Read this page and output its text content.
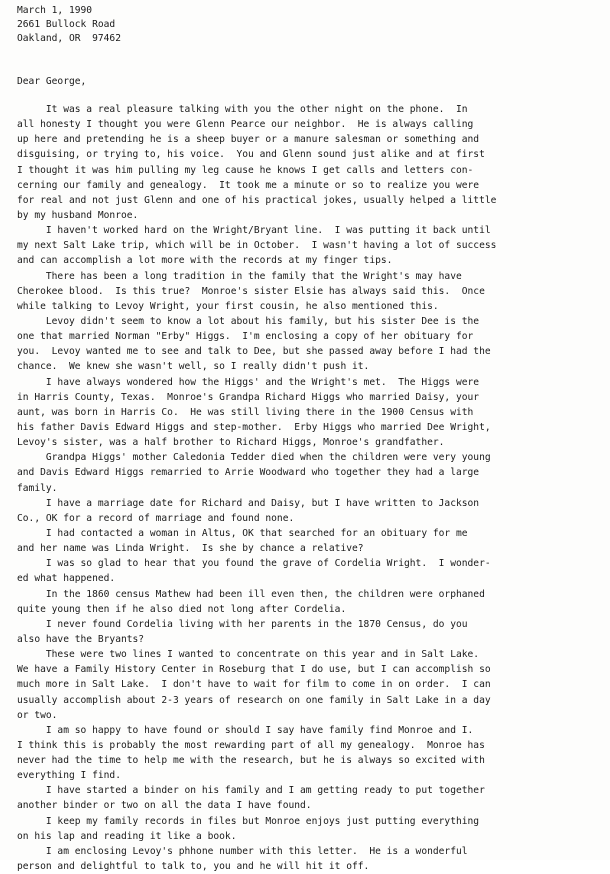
March 1, 1990
2661 Bullock Road
Oakland, OR  97462
Dear George,
It was a real pleasure talking with you the other night on the phone.  In
all honesty I thought you were Glenn Pearce our neighbor.  He is always calling
up here and pretending he is a sheep buyer or a manure salesman or something and
disguising, or trying to, his voice.  You and Glenn sound just alike and at first
I thought it was him pulling my leg cause he knows I get calls and letters con-
cerning our family and genealogy.  It took me a minute or so to realize you were
for real and not just Glenn and one of his practical jokes, usually helped a little
by my husband Monroe.
I haven't worked hard on the Wright/Bryant line.  I was putting it back until
my next Salt Lake trip, which will be in October.  I wasn't having a lot of success
and can accomplish a lot more with the records at my finger tips.
There has been a long tradition in the family that the Wright's may have
Cherokee blood.  Is this true?  Monroe's sister Elsie has always said this.  Once
while talking to Levoy Wright, your first cousin, he also mentioned this.
Levoy didn't seem to know a lot about his family, but his sister Dee is the
one that married Norman "Erby" Higgs.  I'm enclosing a copy of her obituary for
you.  Levoy wanted me to see and talk to Dee, but she passed away before I had the
chance.  We knew she wasn't well, so I really didn't push it.
I have always wondered how the Higgs' and the Wright's met.  The Higgs were
in Harris County, Texas.  Monroe's Grandpa Richard Higgs who married Daisy, your
aunt, was born in Harris Co.  He was still living there in the 1900 Census with
his father Davis Edward Higgs and step-mother.  Erby Higgs who married Dee Wright,
Levoy's sister, was a half brother to Richard Higgs, Monroe's grandfather.
Grandpa Higgs' mother Caledonia Tedder died when the children were very young
and Davis Edward Higgs remarried to Arrie Woodward who together they had a large
family.
I have a marriage date for Richard and Daisy, but I have written to Jackson
Co., OK for a record of marriage and found none.
I had contacted a woman in Altus, OK that searched for an obituary for me
and her name was Linda Wright.  Is she by chance a relative?
I was so glad to hear that you found the grave of Cordelia Wright.  I wonder-
ed what happened.
In the 1860 census Mathew had been ill even then, the children were orphaned
quite young then if he also died not long after Cordelia.
I never found Cordelia living with her parents in the 1870 Census, do you
also have the Bryants?
These were two lines I wanted to concentrate on this year and in Salt Lake.
We have a Family History Center in Roseburg that I do use, but I can accomplish so
much more in Salt Lake.  I don't have to wait for film to come in on order.  I can
usually accomplish about 2-3 years of research on one family in Salt Lake in a day
or two.
I am so happy to have found or should I say have family find Monroe and I.
I think this is probably the most rewarding part of all my genealogy.  Monroe has
never had the time to help me with the research, but he is always so excited with
everything I find.
I have started a binder on his family and I am getting ready to put together
another binder or two on all the data I have found.
I keep my family records in files but Monroe enjoys just putting everything
on his lap and reading it like a book.
I am enclosing Levoy's phhone number with this letter.  He is a wonderful
person and delightful to talk to, you and he will hit it off.
